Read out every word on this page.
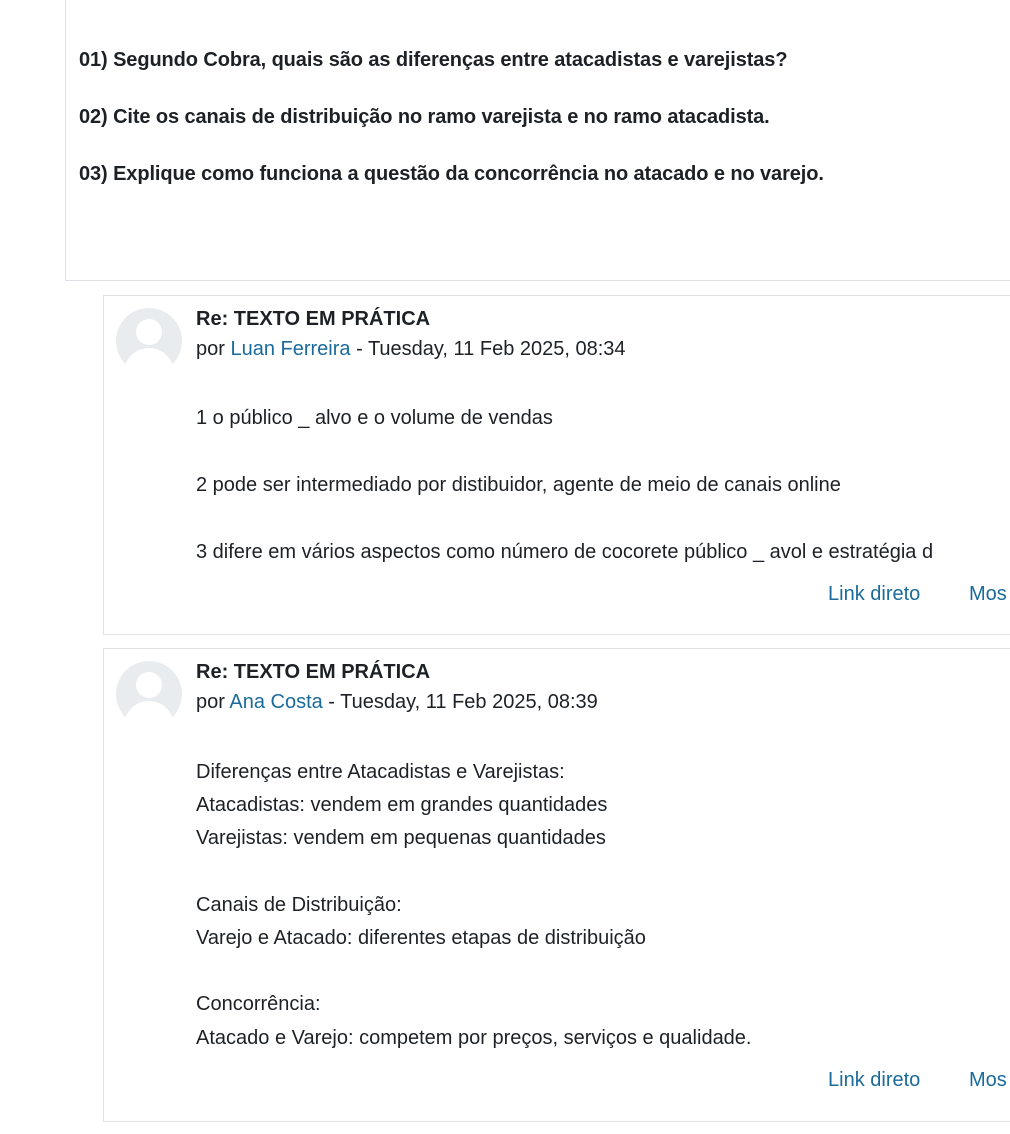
01) Segundo Cobra, quais são as diferenças entre atacadistas e varejistas?
02) Cite os canais de distribuição no ramo varejista e no ramo atacadista.
03) Explique como funciona a questão da concorrência no atacado e no varejo.
Re: TEXTO EM PRÁTICA
por Luan Ferreira - Tuesday, 11 Feb 2025, 08:34
1 o público _ alvo e o volume de vendas
2 pode ser intermediado por distibuidor, agente de meio de canais online
3 difere em vários aspectos como número de cocorete público _ avol e estratégia d
Link direto Mos
Re: TEXTO EM PRÁTICA
por Ana Costa - Tuesday, 11 Feb 2025, 08:39
Diferenças entre Atacadistas e Varejistas:
Atacadistas: vendem em grandes quantidades
Varejistas: vendem em pequenas quantidades
Canais de Distribuição:
Varejo e Atacado: diferentes etapas de distribuição
Concorrência:
Atacado e Varejo: competem por preços, serviços e qualidade.
Link direto Mos
